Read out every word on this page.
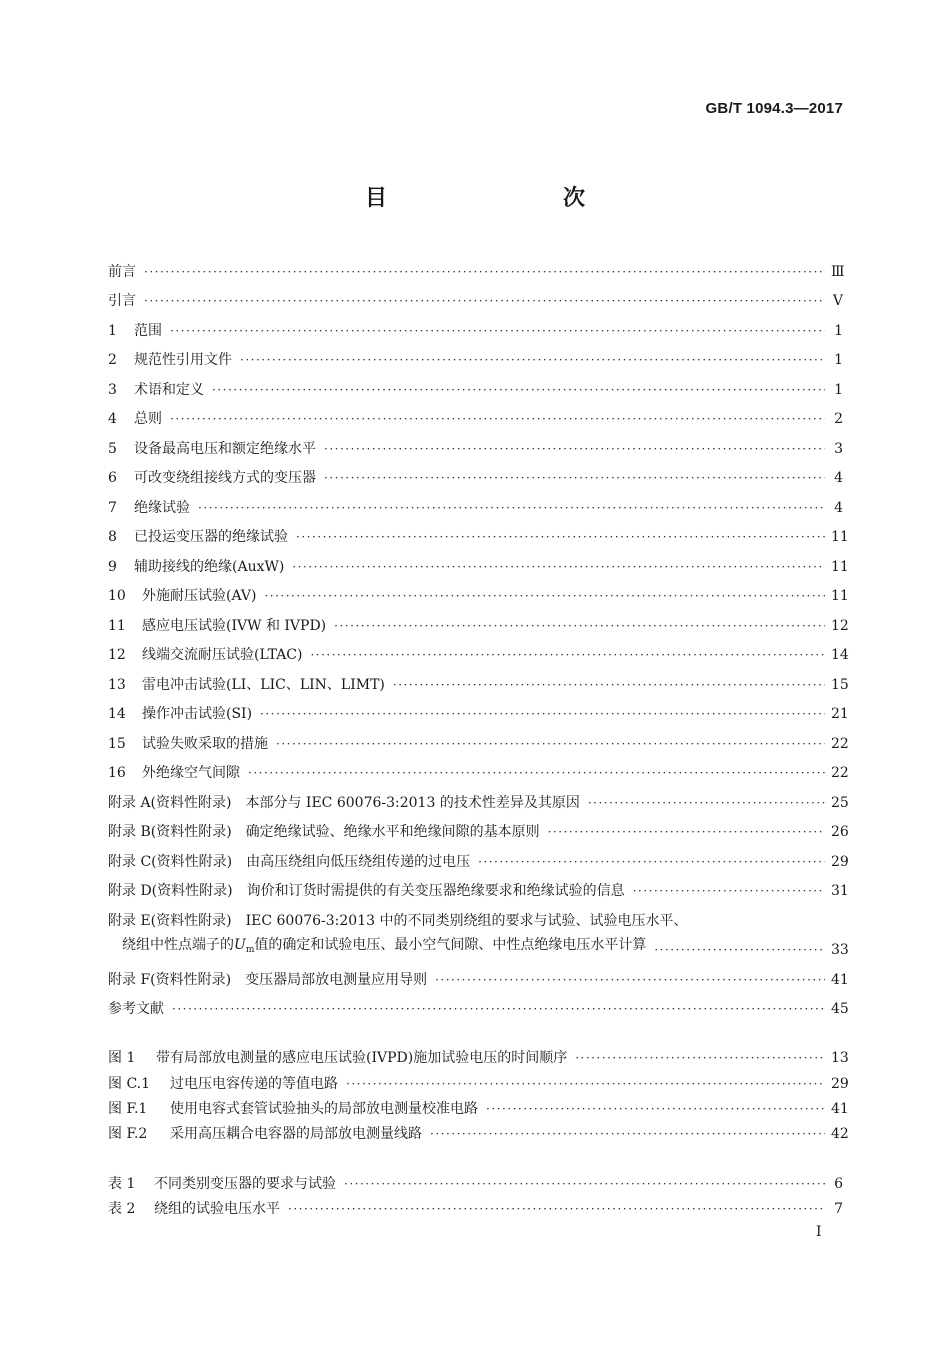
GB/T 1094.3—2017
目　　次
前言 ·····	Ⅲ
引言 ·····	Ⅴ
1	范围 ·····	1
2	规范性引用文件 ·····	1
3	术语和定义 ·····	1
4	总则 ·····	2
5	设备最高电压和额定绝缘水平 ·····	3
6	可改变绕组接线方式的变压器 ·····	4
7	绝缘试验 ·····	4
8	已投运变压器的绝缘试验 ·····	11
9	辅助接线的绝缘(AuxW) ·····	11
10	外施耐压试验(AV) ·····	11
11	感应电压试验(IVW 和 IVPD) ·····	12
12	线端交流耐压试验(LTAC) ·····	14
13	雷电冲击试验(LI、LIC、LIN、LIMT) ·····	15
14	操作冲击试验(SI) ·····	21
15	试验失败采取的措施 ·····	22
16	外绝缘空气间隙 ·····	22
附录 A(资料性附录) 本部分与 IEC 60076-3:2013 的技术性差异及其原因 ·····	25
附录 B(资料性附录) 确定绝缘试验、绝缘水平和绝缘间隙的基本原则 ·····	26
附录 C(资料性附录) 由高压绕组向低压绕组传递的过电压 ·····	29
附录 D(资料性附录) 询价和订货时需提供的有关变压器绝缘要求和绝缘试验的信息 ·····	31
附录 E(资料性附录) IEC 60076-3:2013 中的不同类别绕组的要求与试验、试验电压水平、
绕组中性点端子的$U_m$值的确定和试验电压、最小空气间隙、中性点绝缘电压水平计算 ·····	33
附录 F(资料性附录) 变压器局部放电测量应用导则 ·····	41
参考文献 ·····	45
图 1	带有局部放电测量的感应电压试验(IVPD)施加试验电压的时间顺序 ·····	13
图 C.1	过电压电容传递的等值电路 ·····	29
图 F.1	使用电容式套管试验抽头的局部放电测量校准电路 ·····	41
图 F.2	采用高压耦合电容器的局部放电测量线路 ·····	42
表 1	不同类别变压器的要求与试验 ·····	6
表 2	绕组的试验电压水平 ·····	7
Ⅰ
